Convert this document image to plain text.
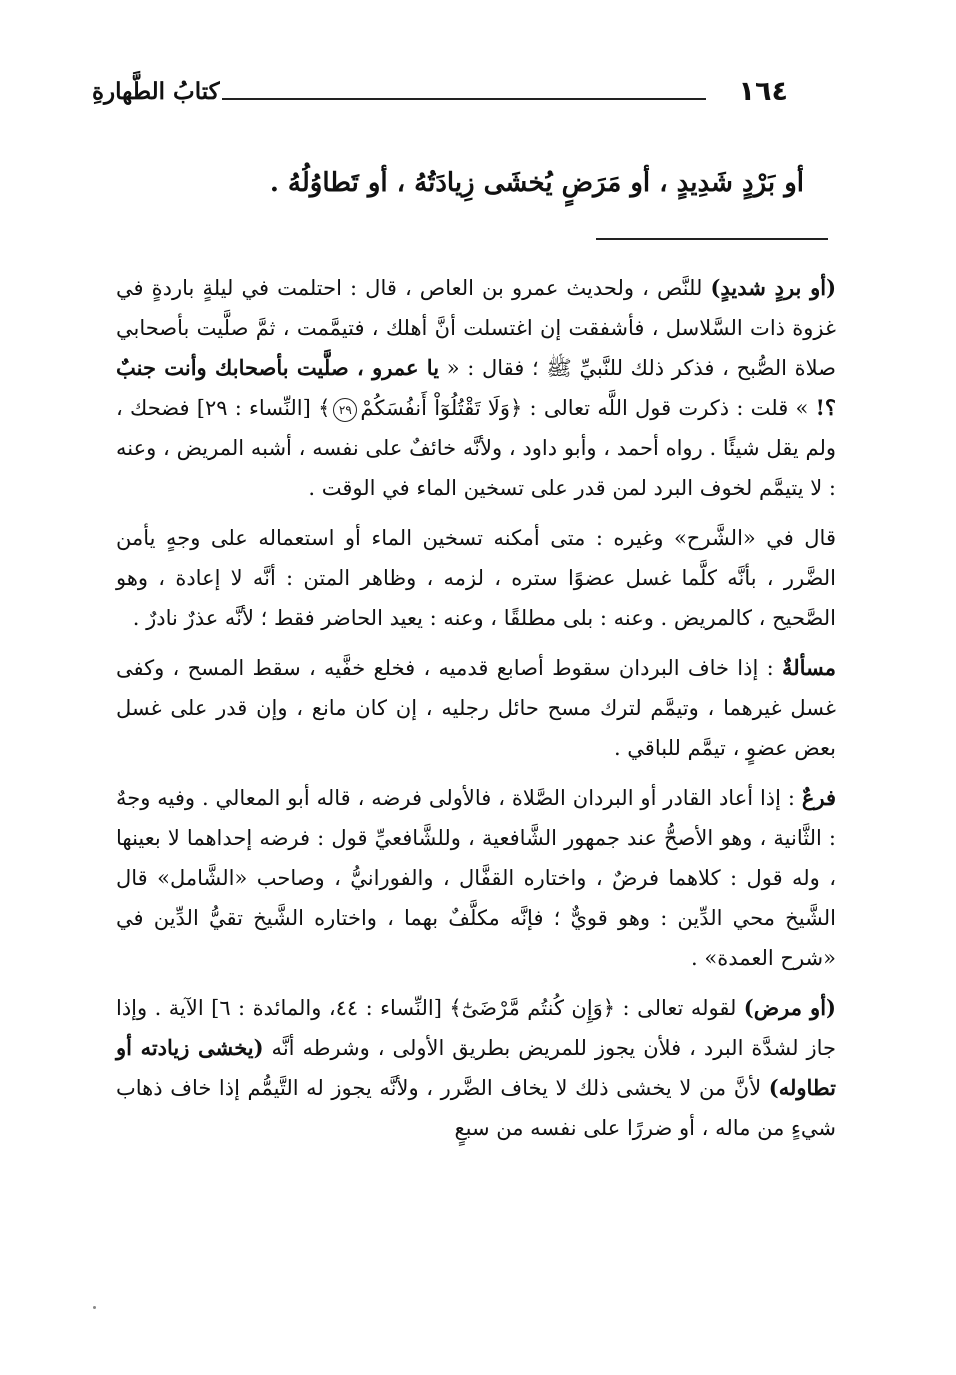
١٦٤
كتابُ الطَّهارةِ
أو بَرْدٍ شَدِيدٍ ، أو مَرَضٍ يُخشَى زِيادَتُهُ ، أو تَطاوُلُهُ .

(أو بردٍ شديدٍ) للنَّص ، ولحديث عمرو بن العاص ، قال : احتلمت في ليلةٍ باردةٍ في غزوة ذات السَّلاسل ، فأشفقت إن اغتسلت أنَّ أهلك ، فتيمَّمت ، ثمَّ صلَّيت بأصحابي صلاة الصُّبح ، فذكر ذلك للنَّبيِّ ﷺ ؛ فقال : « يا عمرو ، صلَّيت بأصحابك وأنت جنبٌ ؟! » قلت : ذكرت قول اللَّه تعالى : ﴿وَلَا تَقْتُلُوٓاْ أَنفُسَكُمْ٢٩﴾ [النِّساء : ٢٩] فضحك ، ولم يقل شيئًا . رواه أحمد ، وأبو داود ، ولأنَّه خائفٌ على نفسه ، أشبه المريض ، وعنه : لا يتيمَّم لخوف البرد لمن قدر على تسخين الماء في الوقت .

قال في «الشَّرح» وغيره : متى أمكنه تسخين الماء أو استعماله على وجهٍ يأمن الضَّرر ، بأنَّه كلَّما غسل عضوًا ستره ، لزمه ، وظاهر المتن : أنَّه لا إعادة ، وهو الصَّحيح ، كالمريض . وعنه : بلى مطلقًا ، وعنه : يعيد الحاضر فقط ؛ لأنَّه عذرٌ نادرٌ .

مسألةٌ : إذا خاف البردان سقوط أصابع قدميه ، فخلع خفَّيه ، سقط المسح ، وكفى غسل غيرهما ، وتيمَّم لترك مسح حائل رجليه ، إن كان مانع ، وإن قدر على غسل بعض عضوٍ ، تيمَّم للباقي .

فرعٌ : إذا أعاد القادر أو البردان الصَّلاة ، فالأولى فرضه ، قاله أبو المعالي . وفيه وجهٌ : الثَّانية ، وهو الأصحُّ عند جمهور الشَّافعية ، وللشَّافعيِّ قول : فرضه إحداهما لا بعينها ، وله قول : كلاهما فرضٌ ، واختاره القفَّال ، والفورانيُّ ، وصاحب «الشَّامل» قال الشَّيخ محي الدِّين : وهو قويٌّ ؛ فإنَّه مكلَّفٌ بهما ، واختاره الشَّيخ تقيُّ الدِّين في «شرح العمدة» .

(أو مرض) لقوله تعالى : ﴿وَإِن كُنتُم مَّرْضَىٰٓ﴾ [النِّساء : ٤٤، والمائدة : ٦] الآية . وإذا جاز لشدَّة البرد ، فلأن يجوز للمريض بطريق الأولى ، وشرطه أنَّه (يخشى زيادته أو تطاوله) لأنَّ من لا يخشى ذلك لا يخاف الضَّرر ، ولأنَّه يجوز له التَّيمُّم إذا خاف ذهاب شيءٍ من ماله ، أو ضررًا على نفسه من سبعٍ
